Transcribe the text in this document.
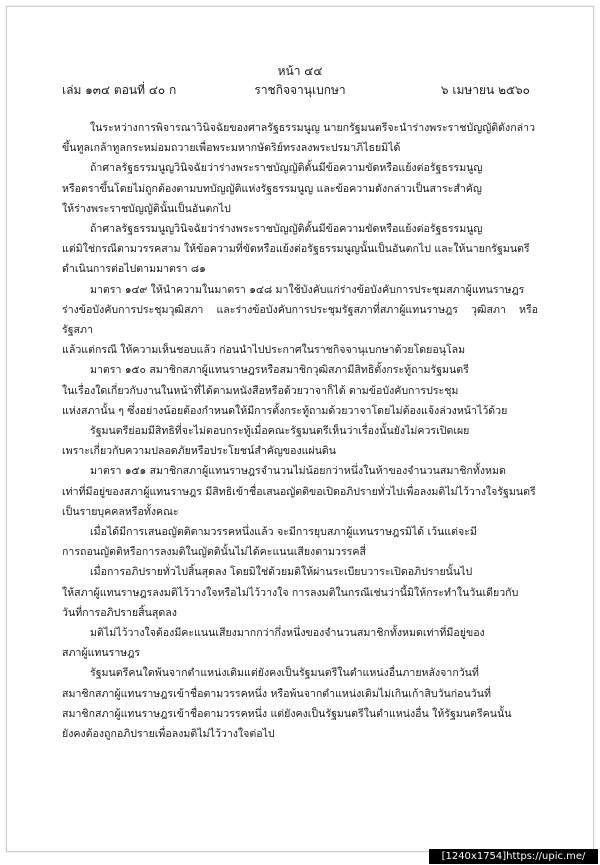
หน้า ๔๔
เล่ม ๑๓๔ ตอนที่ ๔๐ ก	ราชกิจจานุเบกษา	๖ เมษายน ๒๕๖๐

ในระหว่างการพิจารณาวินิจฉัยของศาลรัฐธรรมนูญ นายกรัฐมนตรีจะนำร่างพระราชบัญญัติดังกล่าว

ขึ้นทูลเกล้าทูลกระหม่อมถวายเพื่อพระมหากษัตริย์ทรงลงพระปรมาภิไธยมิได้

ถ้าศาลรัฐธรรมนูญวินิจฉัยว่าร่างพระราชบัญญัติตั้นมีข้อความขัดหรือแย้งต่อรัฐธรรมนูญ

หรือตราขึ้นโดยไม่ถูกต้องตามบทบัญญัติแห่งรัฐธรรมนูญ และข้อความดังกล่าวเป็นสาระสำคัญ

ให้ร่างพระราชบัญญัตินั้นเป็นอันตกไป

ถ้าศาลรัฐธรรมนูญวินิจฉัยว่าร่างพระราชบัญญัติตั้นมีข้อความขัดหรือแย้งต่อรัฐธรรมนูญ

แต่มิใช่กรณีตามวรรคสาม ให้ข้อความที่ขัดหรือแย้งต่อรัฐธรรมนูญนั้นเป็นอันตกไป และให้นายกรัฐมนตรี

ดำเนินการต่อไปตามมาตรา ๘๑

มาตรา ๑๔๙ ให้นำความในมาตรา ๑๔๘ มาใช้บังคับแก่ร่างข้อบังคับการประชุมสภาผู้แทนราษฎร

ร่างข้อบังคับการประชุมวุฒิสภา และร่างข้อบังคับการประชุมรัฐสภาที่สภาผู้แทนราษฎร วุฒิสภา หรือรัฐสภา

แล้วแต่กรณี ให้ความเห็นชอบแล้ว ก่อนนำไปประกาศในราชกิจจานุเบกษาด้วยโดยอนุโลม

มาตรา ๑๕๐ สมาชิกสภาผู้แทนราษฎรหรือสมาชิกวุฒิสภามีสิทธิตั้งกระทู้ถามรัฐมนตรี

ในเรื่องใดเกี่ยวกับงานในหน้าที่ได้ตามหนังสือหรือด้วยวาจาก็ได้ ตามข้อบังคับการประชุม

แห่งสภานั้น ๆ ซึ่งอย่างน้อยต้องกำหนดให้มีการตั้งกระทู้ถามด้วยวาจาโดยไม่ต้องแจ้งล่วงหน้าไว้ด้วย

รัฐมนตรีย่อมมีสิทธิที่จะไม่ตอบกระทู้เมื่อคณะรัฐมนตรีเห็นว่าเรื่องนั้นยังไม่ควรเปิดเผย

เพราะเกี่ยวกับความปลอดภัยหรือประโยชน์สำคัญของแผ่นดิน

มาตรา ๑๕๑ สมาชิกสภาผู้แทนราษฎรจำนวนไม่น้อยกว่าหนึ่งในห้าของจำนวนสมาชิกทั้งหมด

เท่าที่มีอยู่ของสภาผู้แทนราษฎร มีสิทธิเข้าชื่อเสนอญัตติขอเปิดอภิปรายทั่วไปเพื่อลงมติไม่ไว้วางใจรัฐมนตรี

เป็นรายบุคคลหรือทั้งคณะ

เมื่อได้มีการเสนอญัตติตามวรรคหนึ่งแล้ว จะมีการยุบสภาผู้แทนราษฎรมิได้ เว้นแต่จะมี

การถอนญัตติหรือการลงมติในญัตตินั้นไม่ได้คะแนนเสียงตามวรรคสี่

เมื่อการอภิปรายทั่วไปสิ้นสุดลง โดยมิใช่ด้วยมติให้ผ่านระเบียบวาระเปิดอภิปรายนั้นไป

ให้สภาผู้แทนราษฎรลงมติไว้วางใจหรือไม่ไว้วางใจ การลงมติในกรณีเช่นว่านี้มิให้กระทำในวันเดียวกับ

วันที่การอภิปรายสิ้นสุดลง

มติไม่ไว้วางใจต้องมีคะแนนเสียงมากกว่ากึ่งหนึ่งของจำนวนสมาชิกทั้งหมดเท่าที่มีอยู่ของ

สภาผู้แทนราษฎร

รัฐมนตรีคนใดพ้นจากตำแหน่งเดิมแต่ยังคงเป็นรัฐมนตรีในตำแหน่งอื่นภายหลังจากวันที่

สมาชิกสภาผู้แทนราษฎรเข้าชื่อตามวรรคหนึ่ง หรือพ้นจากตำแหน่งเดิมไม่เกินเก้าสิบวันก่อนวันที่

สมาชิกสภาผู้แทนราษฎรเข้าชื่อตามวรรคหนึ่ง แต่ยังคงเป็นรัฐมนตรีในตำแหน่งอื่น ให้รัฐมนตรีคนนั้น

ยังคงต้องถูกอภิปรายเพื่อลงมติไม่ไว้วางใจต่อไป

[1240x1754]https://upic.me/
